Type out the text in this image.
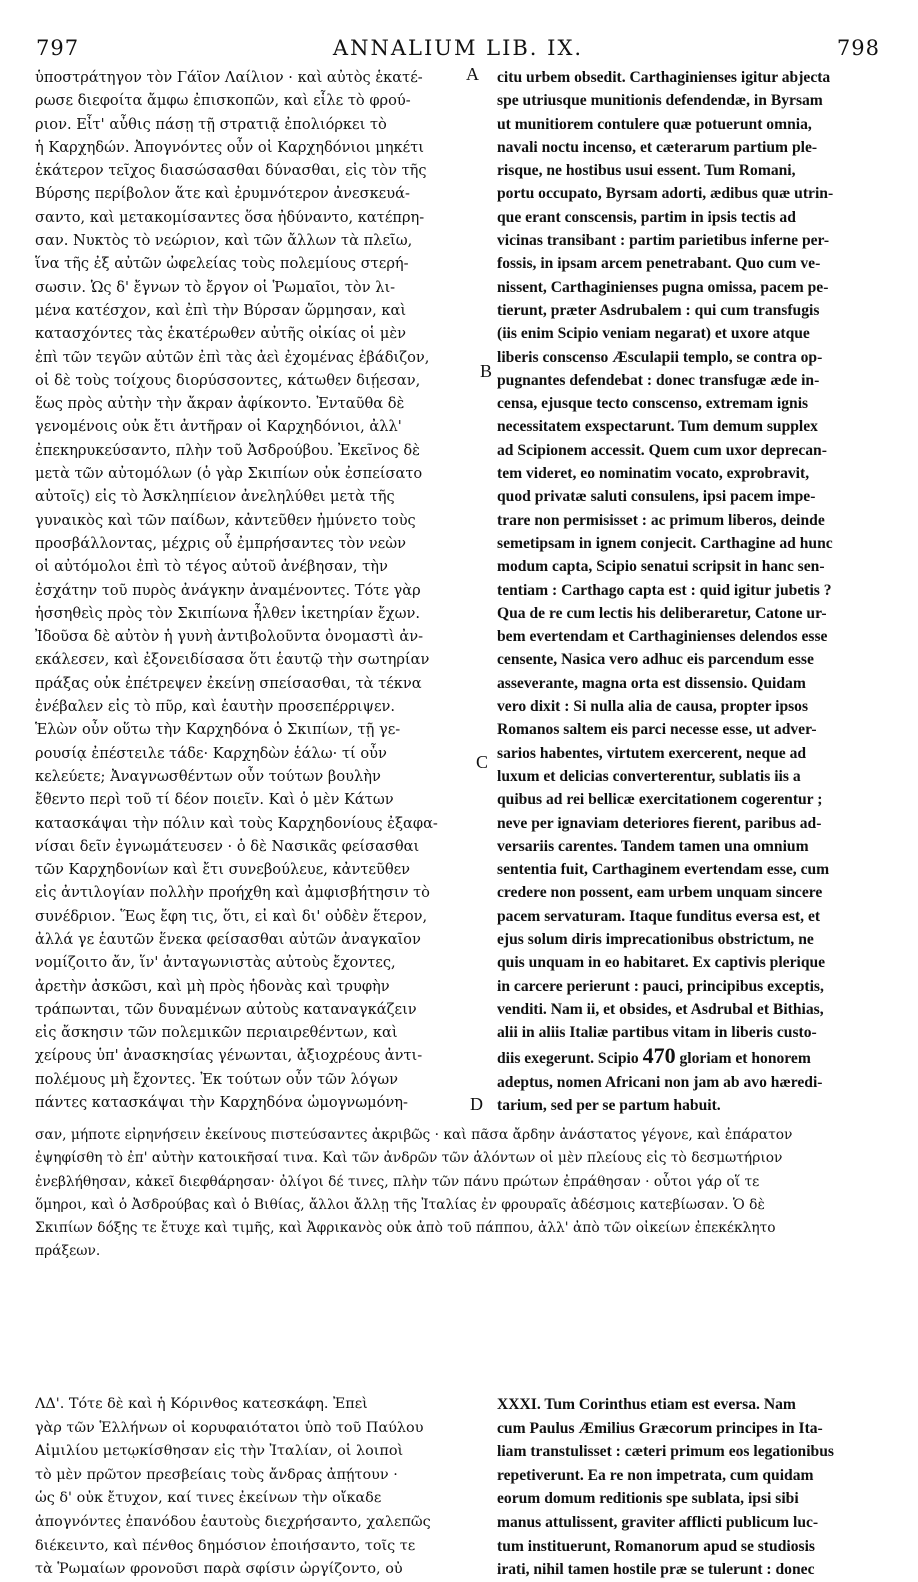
797	ANNALIUM LIB. IX.	798
A
B
C
D
ὑποστράτηγον τὸν Γάϊον Λαίλιον · καὶ αὐτὸς ἑκατέ-
ρωσε διεφοίτα ἄμφω ἐπισκοπῶν, καὶ εἷλε τὸ φρού-
ριον. Εἶτ' αὖθις πάσῃ τῇ στρατιᾷ ἐπολιόρκει τὸ
ἡ Καρχηδών. Ἀπογνόντες οὖν οἱ Καρχηδόνιοι μηκέτι
ἑκάτερον τεῖχος διασώσασθαι δύνασθαι, εἰς τὸν τῆς
Βύρσης περίβολον ἅτε καὶ ἐρυμνότερον ἀνεσκευά-
σαντο, καὶ μετακομίσαντες ὅσα ἠδύναντο, κατέπρη-
σαν. Νυκτὸς τὸ νεώριον, καὶ τῶν ἄλλων τὰ πλεῖω,
ἵνα τῆς ἐξ αὐτῶν ὠφελείας τοὺς πολεμίους στερή-
σωσιν. Ὡς δ' ἔγνων τὸ ἔργον οἱ Ῥωμαῖοι, τὸν λι-
μένα κατέσχον, καὶ ἐπὶ τὴν Βύρσαν ὥρμησαν, καὶ
κατασχόντες τὰς ἑκατέρωθεν αὐτῆς οἰκίας οἱ μὲν
ἐπὶ τῶν τεγῶν αὐτῶν ἐπὶ τὰς ἀεὶ ἐχομένας ἐβάδιζον,
οἱ δὲ τοὺς τοίχους διορύσσοντες, κάτωθεν διῄεσαν,
ἕως πρὸς αὐτὴν τὴν ἄκραν ἀφίκοντο. Ἐνταῦθα δὲ
γενομένοις οὐκ ἔτι ἀντῆραν οἱ Καρχηδόνιοι, ἀλλ'
ἐπεκηρυκεύσαντο, πλὴν τοῦ Ἀσδρούβου. Ἐκεῖνος δὲ
μετὰ τῶν αὐτομόλων (ὁ γὰρ Σκιπίων οὐκ ἐσπείσατο
αὐτοῖς) εἰς τὸ Ἀσκληπίειον ἀνεληλύθει μετὰ τῆς
γυναικὸς καὶ τῶν παίδων, κἀντεῦθεν ἠμύνετο τοὺς
προσβάλλοντας, μέχρις οὗ ἐμπρήσαντες τὸν νεὼν
οἱ αὐτόμολοι ἐπὶ τὸ τέγος αὐτοῦ ἀνέβησαν, τὴν
ἐσχάτην τοῦ πυρὸς ἀνάγκην ἀναμένοντες. Τότε γὰρ
ἡσσηθεὶς πρὸς τὸν Σκιπίωνα ἦλθεν ἱκετηρίαν ἔχων.
Ἰδοῦσα δὲ αὐτὸν ἡ γυνὴ ἀντιβολοῦντα ὀνομαστὶ ἀν-
εκάλεσεν, καὶ ἐξονειδίσασα ὅτι ἑαυτῷ τὴν σωτηρίαν
πράξας οὐκ ἐπέτρεψεν ἐκείνῃ σπείσασθαι, τὰ τέκνα
ἐνέβαλεν εἰς τὸ πῦρ, καὶ ἑαυτὴν προσεπέρριψεν.
Ἑλὼν οὖν οὕτω τὴν Καρχηδόνα ὁ Σκιπίων, τῇ γε-
ρουσίᾳ ἐπέστειλε τάδε· Καρχηδὼν ἑάλω· τί οὖν
κελεύετε; Ἀναγνωσθέντων οὖν τούτων βουλὴν
ἔθεντο περὶ τοῦ τί δέον ποιεῖν. Καὶ ὁ μὲν Κάτων
κατασκάψαι τὴν πόλιν καὶ τοὺς Καρχηδονίους ἐξαφα-
νίσαι δεῖν ἐγνωμάτευσεν · ὁ δὲ Νασικᾶς φείσασθαι
τῶν Καρχηδονίων καὶ ἔτι συνεβούλευε, κἀντεῦθεν
εἰς ἀντιλογίαν πολλὴν προήχθη καὶ ἀμφισβήτησιν τὸ
συνέδριον. Ἕως ἔφη τις, ὅτι, εἰ καὶ δι' οὐδὲν ἕτερον,
ἀλλά γε ἑαυτῶν ἕνεκα φείσασθαι αὐτῶν ἀναγκαῖον
νομίζοιτο ἄν, ἵν' ἀνταγωνιστὰς αὐτοὺς ἔχοντες,
ἀρετὴν ἀσκῶσι, καὶ μὴ πρὸς ἡδονὰς καὶ τρυφὴν
τράπωνται, τῶν δυναμένων αὐτοὺς καταναγκάζειν
εἰς ἄσκησιν τῶν πολεμικῶν περιαιρεθέντων, καὶ
χείρους ὑπ' ἀνασκησίας γένωνται, ἀξιοχρέους ἀντι-
πολέμους μὴ ἔχοντες. Ἐκ τούτων οὖν τῶν λόγων
πάντες κατασκάψαι τὴν Καρχηδόνα ὡμογνωμόνη-
citu urbem obsedit. Carthaginienses igitur abjecta
spe utriusque munitionis defendendæ, in Byrsam
ut munitiorem contulere quæ potuerunt omnia,
navali noctu incenso, et cæterarum partium ple-
risque, ne hostibus usui essent. Tum Romani,
portu occupato, Byrsam adorti, ædibus quæ utrin-
que erant conscensis, partim in ipsis tectis ad
vicinas transibant : partim parietibus inferne per-
fossis, in ipsam arcem penetrabant. Quo cum ve-
nissent, Carthaginienses pugna omissa, pacem pe-
tierunt, præter Asdrubalem : qui cum transfugis
(iis enim Scipio veniam negarat) et uxore atque
liberis conscenso Æsculapii templo, se contra op-
pugnantes defendebat : donec transfugæ æde in-
censa, ejusque tecto conscenso, extremam ignis
necessitatem exspectarunt. Tum demum supplex
ad Scipionem accessit. Quem cum uxor deprecan-
tem videret, eo nominatim vocato, exprobravit,
quod privatæ saluti consulens, ipsi pacem impe-
trare non permisisset : ac primum liberos, deinde
semetipsam in ignem conjecit. Carthagine ad hunc
modum capta, Scipio senatui scripsit in hanc sen-
tentiam : Carthago capta est : quid igitur jubetis ?
Qua de re cum lectis his deliberaretur, Catone ur-
bem evertendam et Carthaginienses delendos esse
censente, Nasica vero adhuc eis parcendum esse
asseverante, magna orta est dissensio. Quidam
vero dixit : Si nulla alia de causa, propter ipsos
Romanos saltem eis parci necesse esse, ut adver-
sarios habentes, virtutem exercerent, neque ad
luxum et delicias converterentur, sublatis iis a
quibus ad rei bellicæ exercitationem cogerentur ;
neve per ignaviam deteriores fierent, paribus ad-
versariis carentes. Tandem tamen una omnium
sententia fuit, Carthaginem evertendam esse, cum
credere non possent, eam urbem unquam sincere
pacem servaturam. Itaque funditus eversa est, et
ejus solum diris imprecationibus obstrictum, ne
quis unquam in eo habitaret. Ex captivis plerique
in carcere perierunt : pauci, principibus exceptis,
venditi. Nam ii, et obsides, et Asdrubal et Bithias,
alii in aliis Italiæ partibus vitam in liberis custo-
diis exegerunt. Scipio 470 gloriam et honorem
adeptus, nomen Africani non jam ab avo hæredi-
tarium, sed per se partum habuit.
σαν, μήποτε εἰρηνήσειν ἐκείνους πιστεύσαντες ἀκριβῶς · καὶ πᾶσα ἄρδην ἀνάστατος γέγονε, καὶ ἐπάρατον
ἐψηφίσθη τὸ ἐπ' αὐτὴν κατοικῆσαί τινα. Καὶ τῶν ἀνδρῶν τῶν ἁλόντων οἱ μὲν πλείους εἰς τὸ δεσμωτήριον
ἐνεβλήθησαν, κἀκεῖ διεφθάρησαν· ὀλίγοι δέ τινες, πλὴν τῶν πάνυ πρώτων ἐπράθησαν · οὗτοι γάρ οἵ τε
ὅμηροι, καὶ ὁ Ἀσδρούβας καὶ ὁ Βιθίας, ἄλλοι ἄλλῃ τῆς Ἰταλίας ἐν φρουραῖς ἀδέσμοις κατεβίωσαν. Ὁ δὲ
Σκιπίων δόξης τε ἔτυχε καὶ τιμῆς, καὶ Ἀφρικανὸς οὐκ ἀπὸ τοῦ πάππου, ἀλλ' ἀπὸ τῶν οἰκείων ἐπεκέκλητο
πράξεων.
ΛΔ'. Τότε δὲ καὶ ἡ Κόρινθος κατεσκάφη. Ἐπεὶ
γὰρ τῶν Ἑλλήνων οἱ κορυφαιότατοι ὑπὸ τοῦ Παύλου
Αἰμιλίου μετῳκίσθησαν εἰς τὴν Ἰταλίαν, οἱ λοιποὶ
τὸ μὲν πρῶτον πρεσβείαις τοὺς ἄνδρας ἀπῄτουν ·
ὡς δ' οὐκ ἔτυχον, καί τινες ἐκείνων τὴν οἴκαδε
ἀπογνόντες ἐπανόδου ἑαυτοὺς διεχρήσαντο, χαλεπῶς
διέκειντο, καὶ πένθος δημόσιον ἐποιήσαντο, τοῖς τε
τὰ Ῥωμαίων φρονοῦσι παρὰ σφίσιν ὠργίζοντο, οὐ
XXXI. Tum Corinthus etiam est eversa. Nam
cum Paulus Æmilius Græcorum principes in Ita-
liam transtulisset : cæteri primum eos legationibus
repetiverunt. Ea re non impetrata, cum quidam
eorum domum reditionis spe sublata, ipsi sibi
manus attulissent, graviter afflicti publicum luc-
tum instituerunt, Romanorum apud se studiosis
irati, nihil tamen hostile præ se tulerunt : donec
